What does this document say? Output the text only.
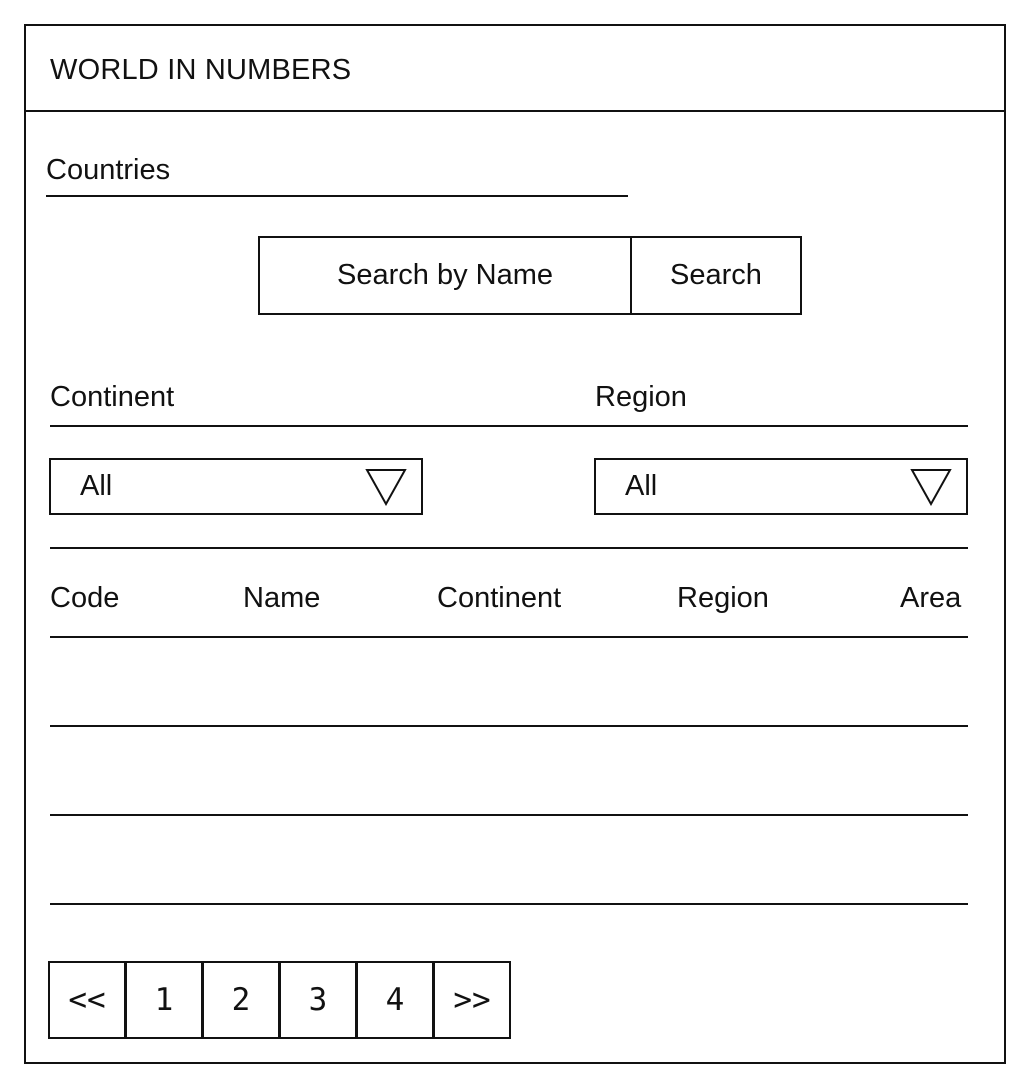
WORLD IN NUMBERS
Countries
Search by Name
Search
Continent	Region
All	All
Code	Name	Continent	Region	Area
<<	1	2	3	4	>>
